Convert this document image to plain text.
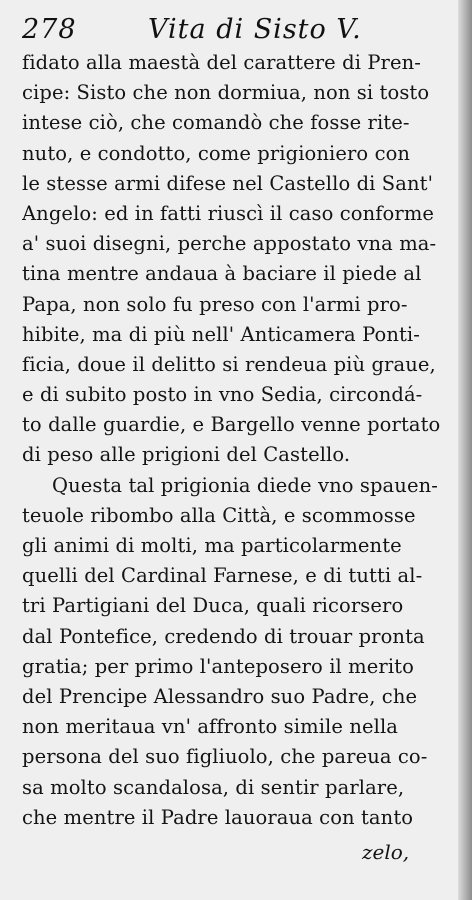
278	Vita di Sisto V.
fidato alla maestà del carattere di Pren-
cipe: Sisto che non dormiua, non si tosto
intese ciò, che comandò che fosse rite-
nuto, e condotto, come prigioniero con
le stesse armi difese nel Castello di Sant'
Angelo: ed in fatti riuscì il caso conforme
a' suoi disegni, perche appostato vna ma-
tina mentre andaua à baciare il piede al
Papa, non solo fu preso con l'armi pro-
hibite, ma di più nell' Anticamera Ponti-
ficia, doue il delitto si rendeua più graue,
e di subito posto in vno Sedia, circondá-
to dalle guardie, e Bargello venne portato
di peso alle prigioni del Castello.
Questa tal prigionia diede vno spauen-
teuole ribombo alla Città, e scommosse
gli animi di molti, ma particolarmente
quelli del Cardinal Farnese, e di tutti al-
tri Partigiani del Duca, quali ricorsero
dal Pontefice, credendo di trouar pronta
gratia; per primo l'anteposero il merito
del Prencipe Alessandro suo Padre, che
non meritaua vn' affronto simile nella
persona del suo figliuolo, che pareua co-
sa molto scandalosa, di sentir parlare,
che mentre il Padre lauoraua con tanto
zelo,
